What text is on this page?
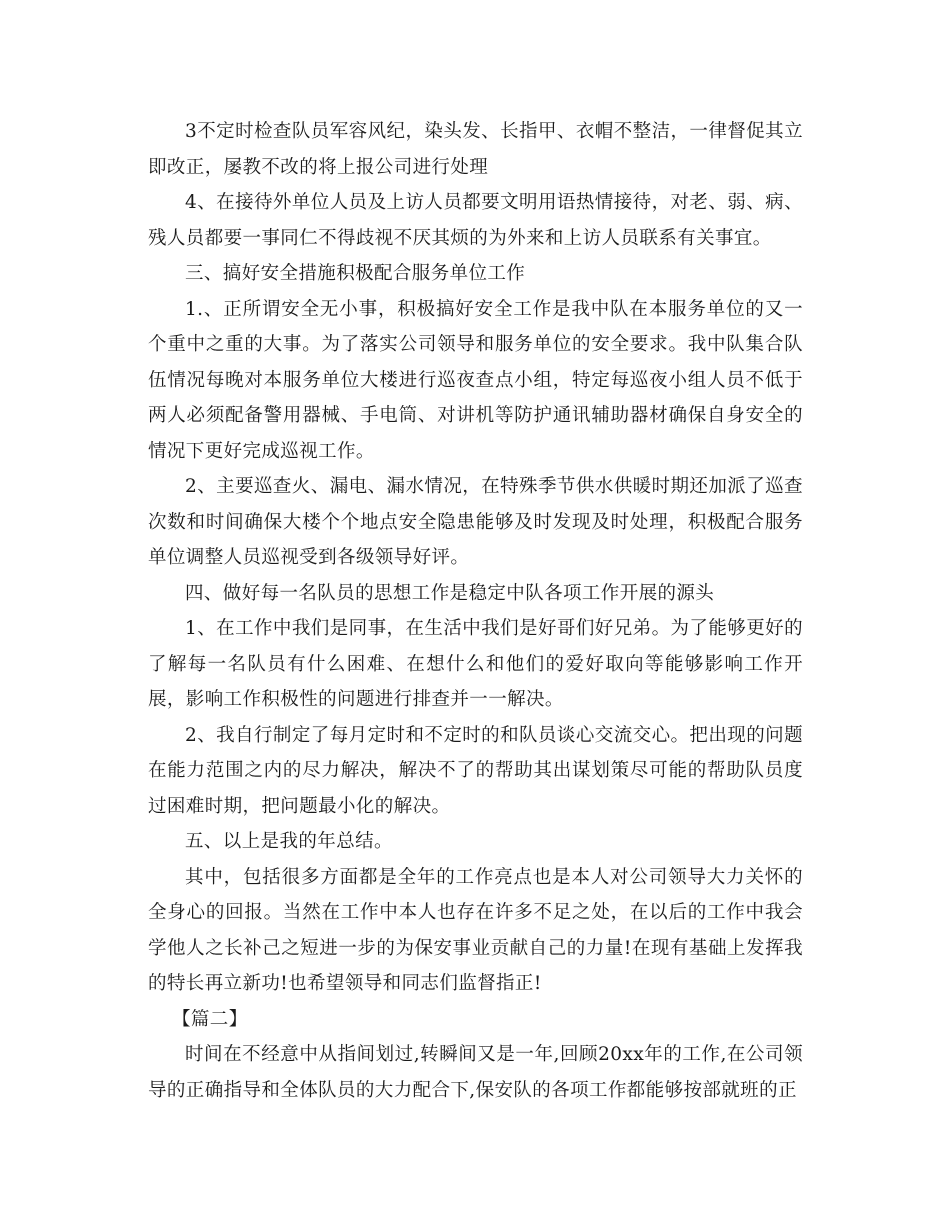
3不定时检查队员军容风纪，染头发、长指甲、衣帽不整洁，一律督促其立即改正，屡教不改的将上报公司进行处理

4、在接待外单位人员及上访人员都要文明用语热情接待，对老、弱、病、残人员都要一事同仁不得歧视不厌其烦的为外来和上访人员联系有关事宜。

三、搞好安全措施积极配合服务单位工作

1.、正所谓安全无小事，积极搞好安全工作是我中队在本服务单位的又一个重中之重的大事。为了落实公司领导和服务单位的安全要求。我中队集合队伍情况每晚对本服务单位大楼进行巡夜查点小组，特定每巡夜小组人员不低于两人必须配备警用器械、手电筒、对讲机等防护通讯辅助器材确保自身安全的情况下更好完成巡视工作。

2、主要巡查火、漏电、漏水情况，在特殊季节供水供暖时期还加派了巡查次数和时间确保大楼个个地点安全隐患能够及时发现及时处理，积极配合服务单位调整人员巡视受到各级领导好评。

四、做好每一名队员的思想工作是稳定中队各项工作开展的源头

1、在工作中我们是同事，在生活中我们是好哥们好兄弟。为了能够更好的了解每一名队员有什么困难、在想什么和他们的爱好取向等能够影响工作开展，影响工作积极性的问题进行排查并一一解决。

2、我自行制定了每月定时和不定时的和队员谈心交流交心。把出现的问题在能力范围之内的尽力解决，解决不了的帮助其出谋划策尽可能的帮助队员度过困难时期，把问题最小化的解决。

五、以上是我的年总结。

其中，包括很多方面都是全年的工作亮点也是本人对公司领导大力关怀的全身心的回报。当然在工作中本人也存在许多不足之处，在以后的工作中我会学他人之长补己之短进一步的为保安事业贡献自己的力量!在现有基础上发挥我的特长再立新功!也希望领导和同志们监督指正!

【篇二】

时间在不经意中从指间划过,转瞬间又是一年,回顾20xx年的工作,在公司领导的正确指导和全体队员的大力配合下,保安队的各项工作都能够按部就班的正
